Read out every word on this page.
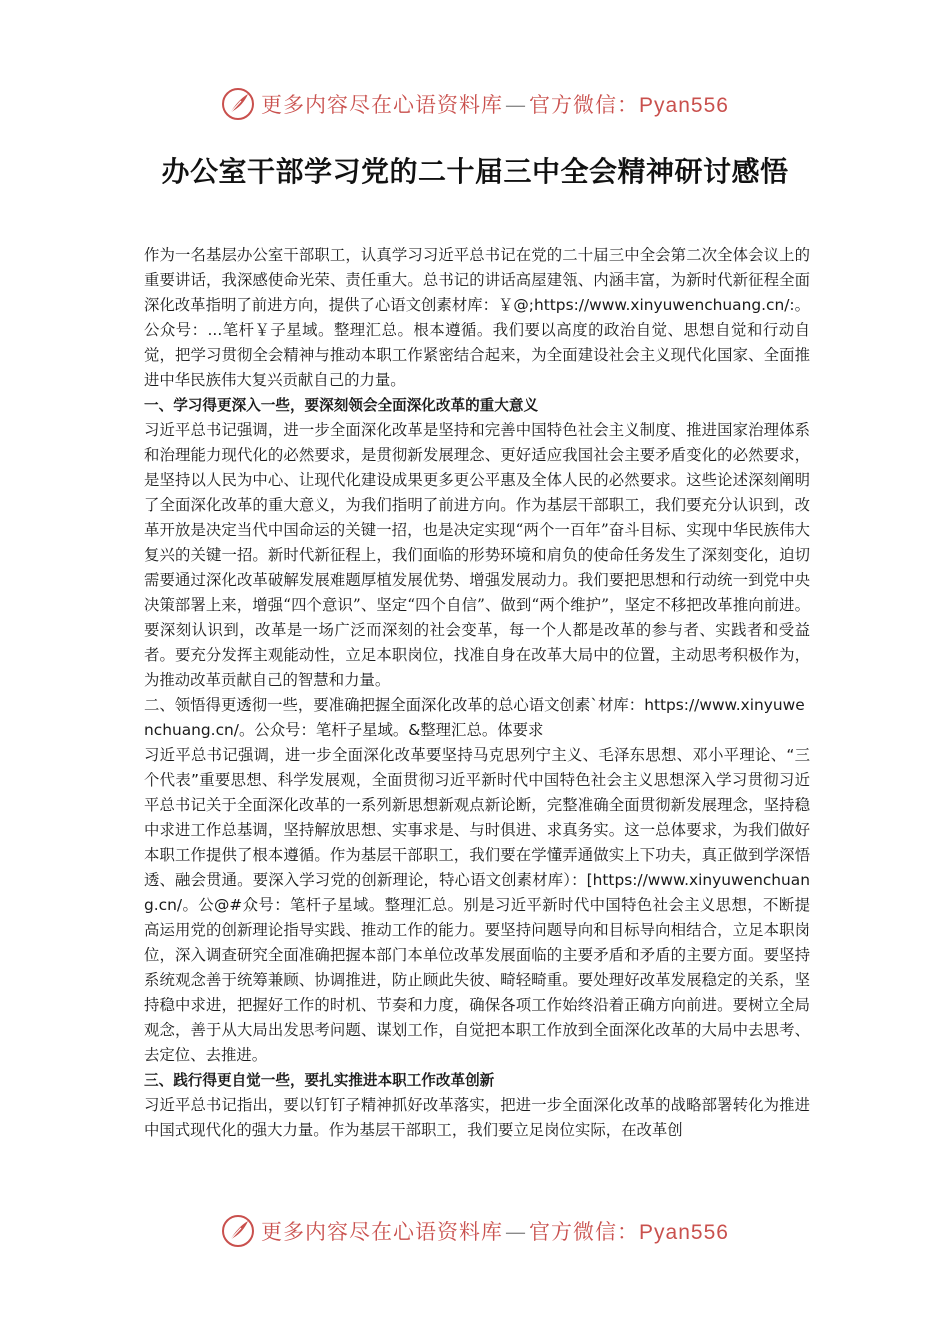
更多内容尽在心语资料库—官方微信：Pyan556
办公室干部学习党的二十届三中全会精神研讨感悟

作为一名基层办公室干部职工，认真学习习近平总书记在党的二十届三中全会第二次全体会议上的重要讲话，我深感使命光荣、责任重大。总书记的讲话高屋建瓴、内涵丰富，为新时代新征程全面深化改革指明了前进方向，提供了心语文创素材库：￥@;https://www.xinyuwenchuang.cn/:。公众号：...笔杆￥子星域。整理汇总。根本遵循。我们要以高度的政治自觉、思想自觉和行动自觉，把学习贯彻全会精神与推动本职工作紧密结合起来，为全面建设社会主义现代化国家、全面推进中华民族伟大复兴贡献自己的力量。

一、学习得更深入一些，要深刻领会全面深化改革的重大意义

习近平总书记强调，进一步全面深化改革是坚持和完善中国特色社会主义制度、推进国家治理体系和治理能力现代化的必然要求，是贯彻新发展理念、更好适应我国社会主要矛盾变化的必然要求，是坚持以人民为中心、让现代化建设成果更多更公平惠及全体人民的必然要求。这些论述深刻阐明了全面深化改革的重大意义，为我们指明了前进方向。作为基层干部职工，我们要充分认识到，改革开放是决定当代中国命运的关键一招，也是决定实现“两个一百年”奋斗目标、实现中华民族伟大复兴的关键一招。新时代新征程上，我们面临的形势环境和肩负的使命任务发生了深刻变化，迫切需要通过深化改革破解发展难题厚植发展优势、增强发展动力。我们要把思想和行动统一到党中央决策部署上来，增强“四个意识”、坚定“四个自信”、做到“两个维护”，坚定不移把改革推向前进。要深刻认识到，改革是一场广泛而深刻的社会变革，每一个人都是改革的参与者、实践者和受益者。要充分发挥主观能动性，立足本职岗位，找准自身在改革大局中的位置，主动思考积极作为，为推动改革贡献自己的智慧和力量。

二、领悟得更透彻一些，要准确把握全面深化改革的总心语文创素`材库：https://www.xinyuwenchuang.cn/。公众号：笔杆子星域。&整理汇总。体要求

习近平总书记强调，进一步全面深化改革要坚持马克思列宁主义、毛泽东思想、邓小平理论、“三个代表”重要思想、科学发展观，全面贯彻习近平新时代中国特色社会主义思想深入学习贯彻习近平总书记关于全面深化改革的一系列新思想新观点新论断，完整准确全面贯彻新发展理念，坚持稳中求进工作总基调，坚持解放思想、实事求是、与时俱进、求真务实。这一总体要求，为我们做好本职工作提供了根本遵循。作为基层干部职工，我们要在学懂弄通做实上下功夫，真正做到学深悟透、融会贯通。要深入学习党的创新理论，特心语文创素材库）：[https://www.xinyuwenchuang.cn/。公@#众号：笔杆子星域。整理汇总。别是习近平新时代中国特色社会主义思想，不断提高运用党的创新理论指导实践、推动工作的能力。要坚持问题导向和目标导向相结合，立足本职岗位，深入调查研究全面准确把握本部门本单位改革发展面临的主要矛盾和矛盾的主要方面。要坚持系统观念善于统筹兼顾、协调推进，防止顾此失彼、畸轻畸重。要处理好改革发展稳定的关系，坚持稳中求进，把握好工作的时机、节奏和力度，确保各项工作始终沿着正确方向前进。要树立全局观念，善于从大局出发思考问题、谋划工作，自觉把本职工作放到全面深化改革的大局中去思考、去定位、去推进。

三、践行得更自觉一些，要扎实推进本职工作改革创新

习近平总书记指出，要以钉钉子精神抓好改革落实，把进一步全面深化改革的战略部署转化为推进中国式现代化的强大力量。作为基层干部职工，我们要立足岗位实际，在改革创

更多内容尽在心语资料库—官方微信：Pyan556
